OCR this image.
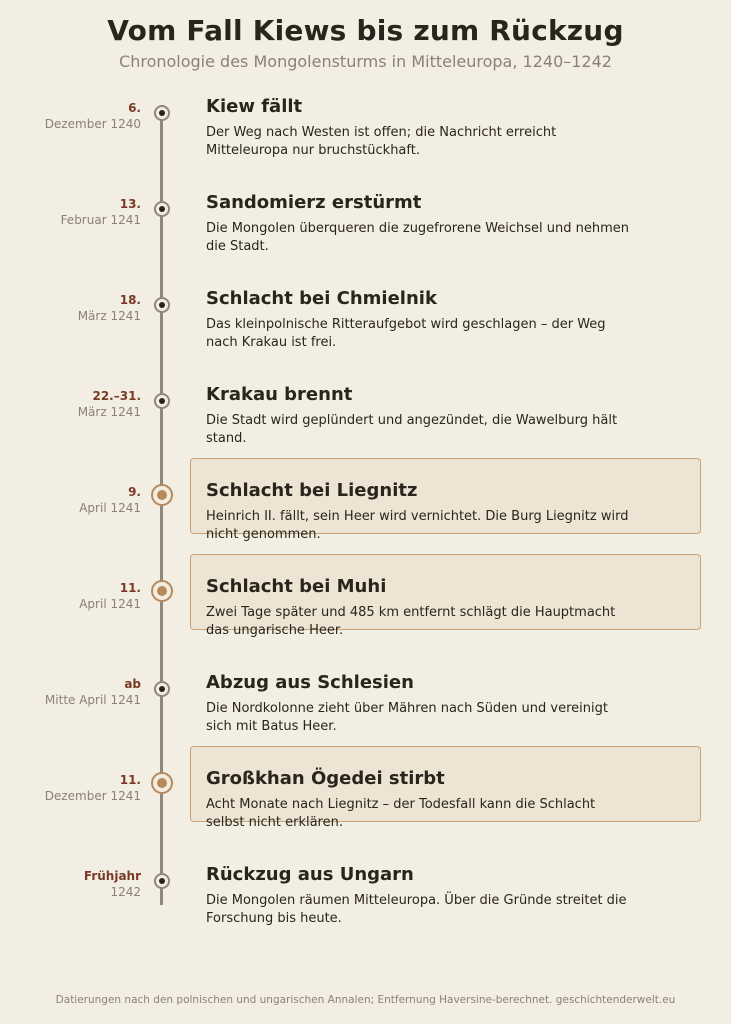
Vom Fall Kiews bis zum Rückzug
Chronologie des Mongolensturms in Mitteleuropa, 1240–1242
6.
Dezember 1240
Kiew fällt
Der Weg nach Westen ist offen; die Nachricht erreicht Mitteleuropa nur bruchstückhaft.
13.
Februar 1241
Sandomierz erstürmt
Die Mongolen überqueren die zugefrorene Weichsel und nehmen die Stadt.
18.
März 1241
Schlacht bei Chmielnik
Das kleinpolnische Ritteraufgebot wird geschlagen – der Weg nach Krakau ist frei.
22.–31.
März 1241
Krakau brennt
Die Stadt wird geplündert und angezündet, die Wawelburg hält stand.
9.
April 1241
Schlacht bei Liegnitz
Heinrich II. fällt, sein Heer wird vernichtet. Die Burg Liegnitz wird nicht genommen.
11.
April 1241
Schlacht bei Muhi
Zwei Tage später und 485 km entfernt schlägt die Hauptmacht das ungarische Heer.
ab
Mitte April 1241
Abzug aus Schlesien
Die Nordkolonne zieht über Mähren nach Süden und vereinigt sich mit Batus Heer.
11.
Dezember 1241
Großkhan Ögedei stirbt
Acht Monate nach Liegnitz – der Todesfall kann die Schlacht selbst nicht erklären.
Frühjahr
1242
Rückzug aus Ungarn
Die Mongolen räumen Mitteleuropa. Über die Gründe streitet die Forschung bis heute.
Datierungen nach den polnischen und ungarischen Annalen; Entfernung Haversine-berechnet. geschichtenderwelt.eu
